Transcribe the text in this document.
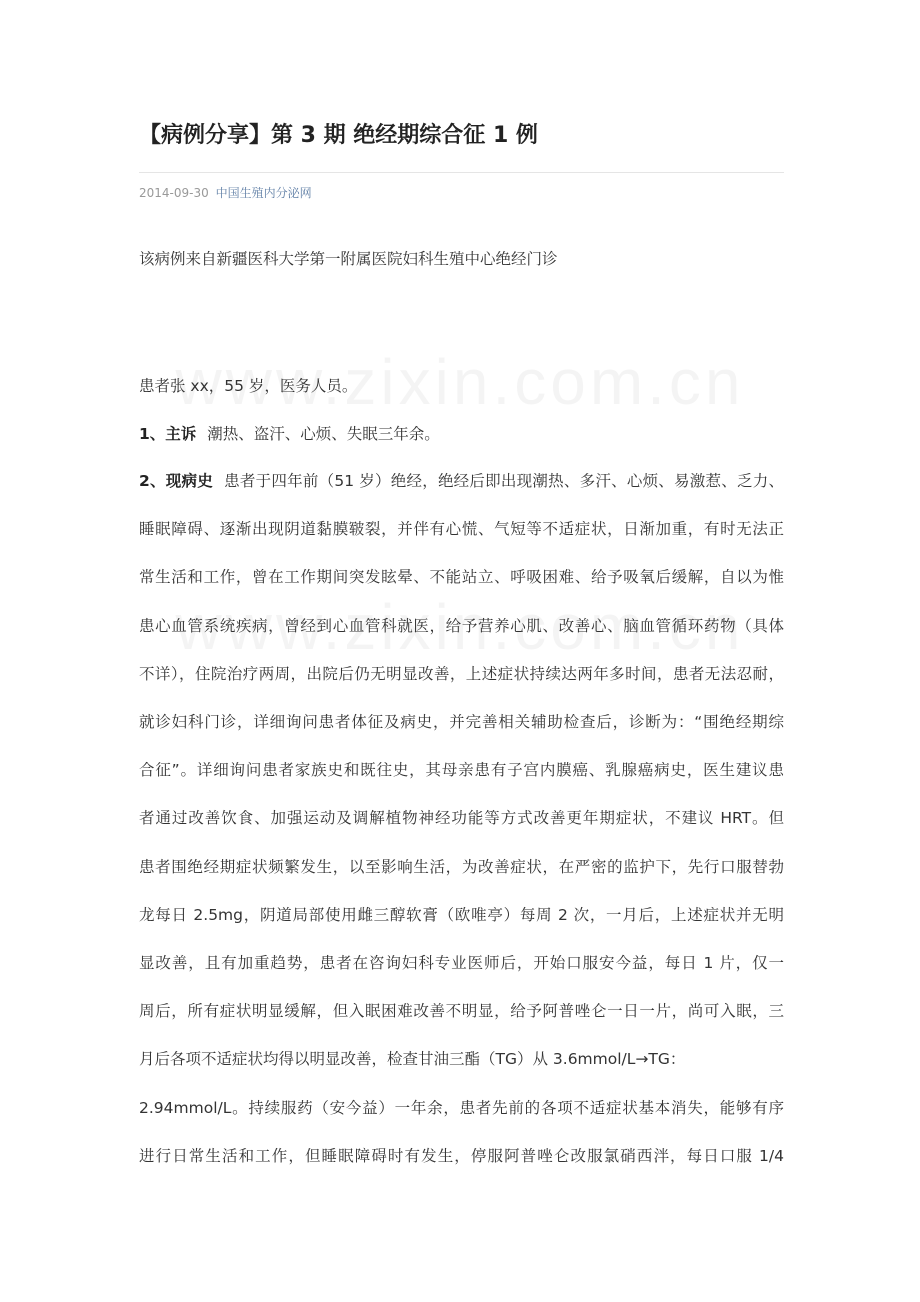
【病例分享】第 3 期 绝经期综合征 1 例
2014-09-30 中国生殖内分泌网

该病例来自新疆医科大学第一附属医院妇科生殖中心绝经门诊

患者张 xx，55 岁，医务人员。

1、主诉 潮热、盗汗、心烦、失眠三年余。

2、现病史 患者于四年前（51 岁）绝经，绝经后即出现潮热、多汗、心烦、易激惹、乏力、
睡眠障碍、逐渐出现阴道黏膜皲裂，并伴有心慌、气短等不适症状，日渐加重，有时无法正
常生活和工作，曾在工作期间突发眩晕、不能站立、呼吸困难、给予吸氧后缓解，自以为惟
患心血管系统疾病，曾经到心血管科就医，给予营养心肌、改善心、脑血管循环药物（具体
不详），住院治疗两周，出院后仍无明显改善，上述症状持续达两年多时间，患者无法忍耐，
就诊妇科门诊，详细询问患者体征及病史，并完善相关辅助检查后，诊断为：“围绝经期综
合征”。详细询问患者家族史和既往史，其母亲患有子宫内膜癌、乳腺癌病史，医生建议患
者通过改善饮食、加强运动及调解植物神经功能等方式改善更年期症状，不建议 HRT。但
患者围绝经期症状频繁发生，以至影响生活，为改善症状，在严密的监护下，先行口服替勃
龙每日 2.5mg，阴道局部使用雌三醇软膏（欧唯亭）每周 2 次，一月后，上述症状并无明
显改善，且有加重趋势，患者在咨询妇科专业医师后，开始口服安今益，每日 1 片，仅一
周后，所有症状明显缓解，但入眠困难改善不明显，给予阿普唑仑一日一片，尚可入眠，三
月后各项不适症状均得以明显改善，检查甘油三酯（TG）从 3.6mmol/L→TG：
2.94mmol/L。持续服药（安今益）一年余，患者先前的各项不适症状基本消失，能够有序
进行日常生活和工作，但睡眠障碍时有发生，停服阿普唑仑改服氯硝西泮，每日口服 1/4
